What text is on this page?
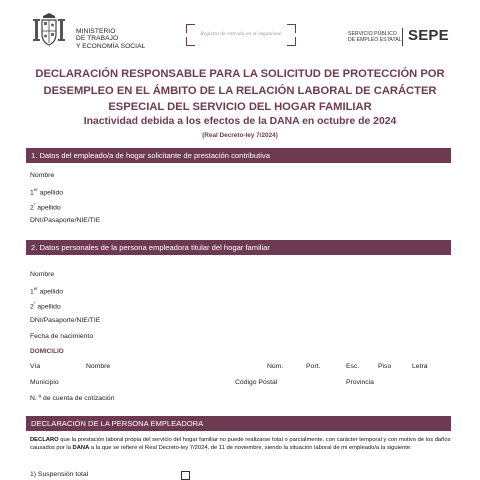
MINISTERIO
DE TRABAJO
Y ECONOMÍA SOCIAL
Registro de entrada en el organismo	SERVICIO PÚBLICO
DE EMPLEO ESTATAL SEPE
DECLARACIÓN RESPONSABLE PARA LA SOLICITUD DE PROTECCIÓN POR
DESEMPLEO EN EL ÁMBITO DE LA RELACIÓN LABORAL DE CARÁCTER
ESPECIAL DEL SERVICIO DEL HOGAR FAMILIAR
Inactividad debida a los efectos de la DANA en octubre de 2024
(Real Decreto-ley 7/2024)
1. Datos del empleado/a de hogar solicitante de prestación contributiva
Nombre
1er apellido
$2^º$ apellido
DNI/Pasaporte/NIE/TIE
2. Datos personales de la persona empleadora titular del hogar familiar
Nombre
1er apellido
$2^º$ apellido
DNI/Pasaporte/NIE/TIE
Fecha de nacimiento
DOMICILIO
Vía	Nombre	Núm.	Port.	Esc.	Piso	Letra
Municipio	Código Postal	Provincia
N. º de cuenta de cotización
DECLARACIÓN DE LA PERSONA EMPLEADORA
DECLARO que la prestación laboral propia del servicio del hogar familiar no puede realizarse total o parcialmente, con carácter temporal y con motivo de los daños causados por la DANA a la que se refiere el Real Decreto-ley 7/2024, de 11 de noviembre, siendo la situación laboral de mi empleado/a la siguiente:
1) Suspensión total
